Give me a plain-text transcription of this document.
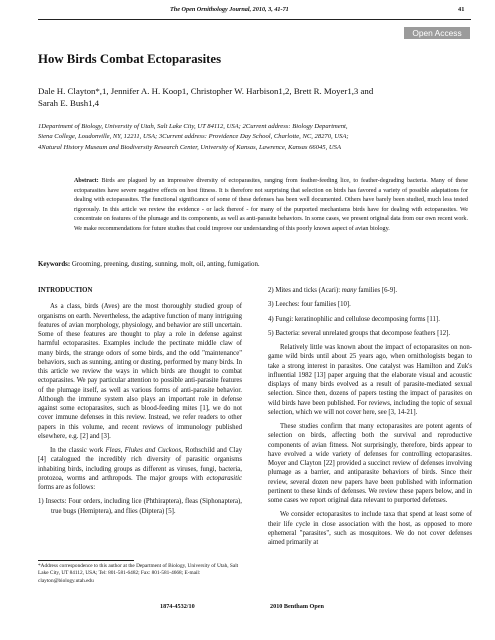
The Open Ornithology Journal, 2010, 3, 41-71	41
Open Access
How Birds Combat Ectoparasites
Dale H. Clayton*,1, Jennifer A. H. Koop1, Christopher W. Harbison1,2, Brett R. Moyer1,3 and
Sarah E. Bush1,4
1Department of Biology, University of Utah, Salt Lake City, UT 84112, USA; 2Current address: Biology Department,
Siena College, Loudonville, NY, 12211, USA; 3Current address: Providence Day School, Charlotte, NC, 28270, USA;
4Natural History Museum and Biodiversity Research Center, University of Kansas, Lawrence, Kansas 66045, USA
Abstract: Birds are plagued by an impressive diversity of ectoparasites, ranging from feather-feeding lice, to feather-degrading bacteria. Many of these ectoparasites have severe negative effects on host fitness. It is therefore not surprising that selection on birds has favored a variety of possible adaptations for dealing with ectoparasites. The functional significance of some of these defenses has been well documented. Others have barely been studied, much less tested rigorously. In this article we review the evidence - or lack thereof - for many of the purported mechanisms birds have for dealing with ectoparasites. We concentrate on features of the plumage and its components, as well as anti-parasite behaviors. In some cases, we present original data from our own recent work. We make recommendations for future studies that could improve our understanding of this poorly known aspect of avian biology.
Keywords: Grooming, preening, dusting, sunning, molt, oil, anting, fumigation.
INTRODUCTION

As a class, birds (Aves) are the most thoroughly studied group of organisms on earth. Nevertheless, the adaptive function of many intriguing features of avian morphology, physiology, and behavior are still uncertain. Some of these features are thought to play a role in defense against harmful ectoparasites. Examples include the pectinate middle claw of many birds, the strange odors of some birds, and the odd "maintenance" behaviors, such as sunning, anting or dusting, performed by many birds. In this article we review the ways in which birds are thought to combat ectoparasites. We pay particular attention to possible anti-parasite features of the plumage itself, as well as various forms of anti-parasite behavior. Although the immune system also plays an important role in defense against some ectoparasites, such as blood-feeding mites [1], we do not cover immune defenses in this review. Instead, we refer readers to other papers in this volume, and recent reviews of immunology published elsewhere, e.g. [2] and [3].

In the classic work Fleas, Flukes and Cuckoos, Rothschild and Clay [4] catalogued the incredibly rich diversity of parasitic organisms inhabiting birds, including groups as different as viruses, fungi, bacteria, protozoa, worms and arthropods. The major groups with ectoparasitic forms are as follows:

1) Insects: Four orders, including lice (Phthiraptera), fleas (Siphonaptera), true bugs (Hemiptera), and flies (Diptera) [5].

*Address correspondence to this author at the Department of Biology, University of Utah, Salt Lake City, UT 84112, USA; Tel: 801-581-6482; Fax: 801-581-4668; E-mail: clayton@biology.utah.edu

2) Mites and ticks (Acari): many families [6-9].

3) Leeches: four families [10].

4) Fungi: keratinophilic and cellulose decomposing forms [11].

5) Bacteria: several unrelated groups that decompose feathers [12].

Relatively little was known about the impact of ectoparasites on non-game wild birds until about 25 years ago, when ornithologists began to take a strong interest in parasites. One catalyst was Hamilton and Zuk's influential 1982 [13] paper arguing that the elaborate visual and acoustic displays of many birds evolved as a result of parasite-mediated sexual selection. Since then, dozens of papers testing the impact of parasites on wild birds have been published. For reviews, including the topic of sexual selection, which we will not cover here, see [3, 14-21].

These studies confirm that many ectoparasites are potent agents of selection on birds, affecting both the survival and reproductive components of avian fitness. Not surprisingly, therefore, birds appear to have evolved a wide variety of defenses for controlling ectoparasites. Moyer and Clayton [22] provided a succinct review of defenses involving plumage as a barrier, and antiparasite behaviors of birds. Since their review, several dozen new papers have been published with information pertinent to these kinds of defenses. We review these papers below, and in some cases we report original data relevant to purported defenses.

We consider ectoparasites to include taxa that spend at least some of their life cycle in close association with the host, as opposed to more ephemeral "parasites", such as mosquitoes. We do not cover defenses aimed primarily at

1874-4532/10	2010 Bentham Open
